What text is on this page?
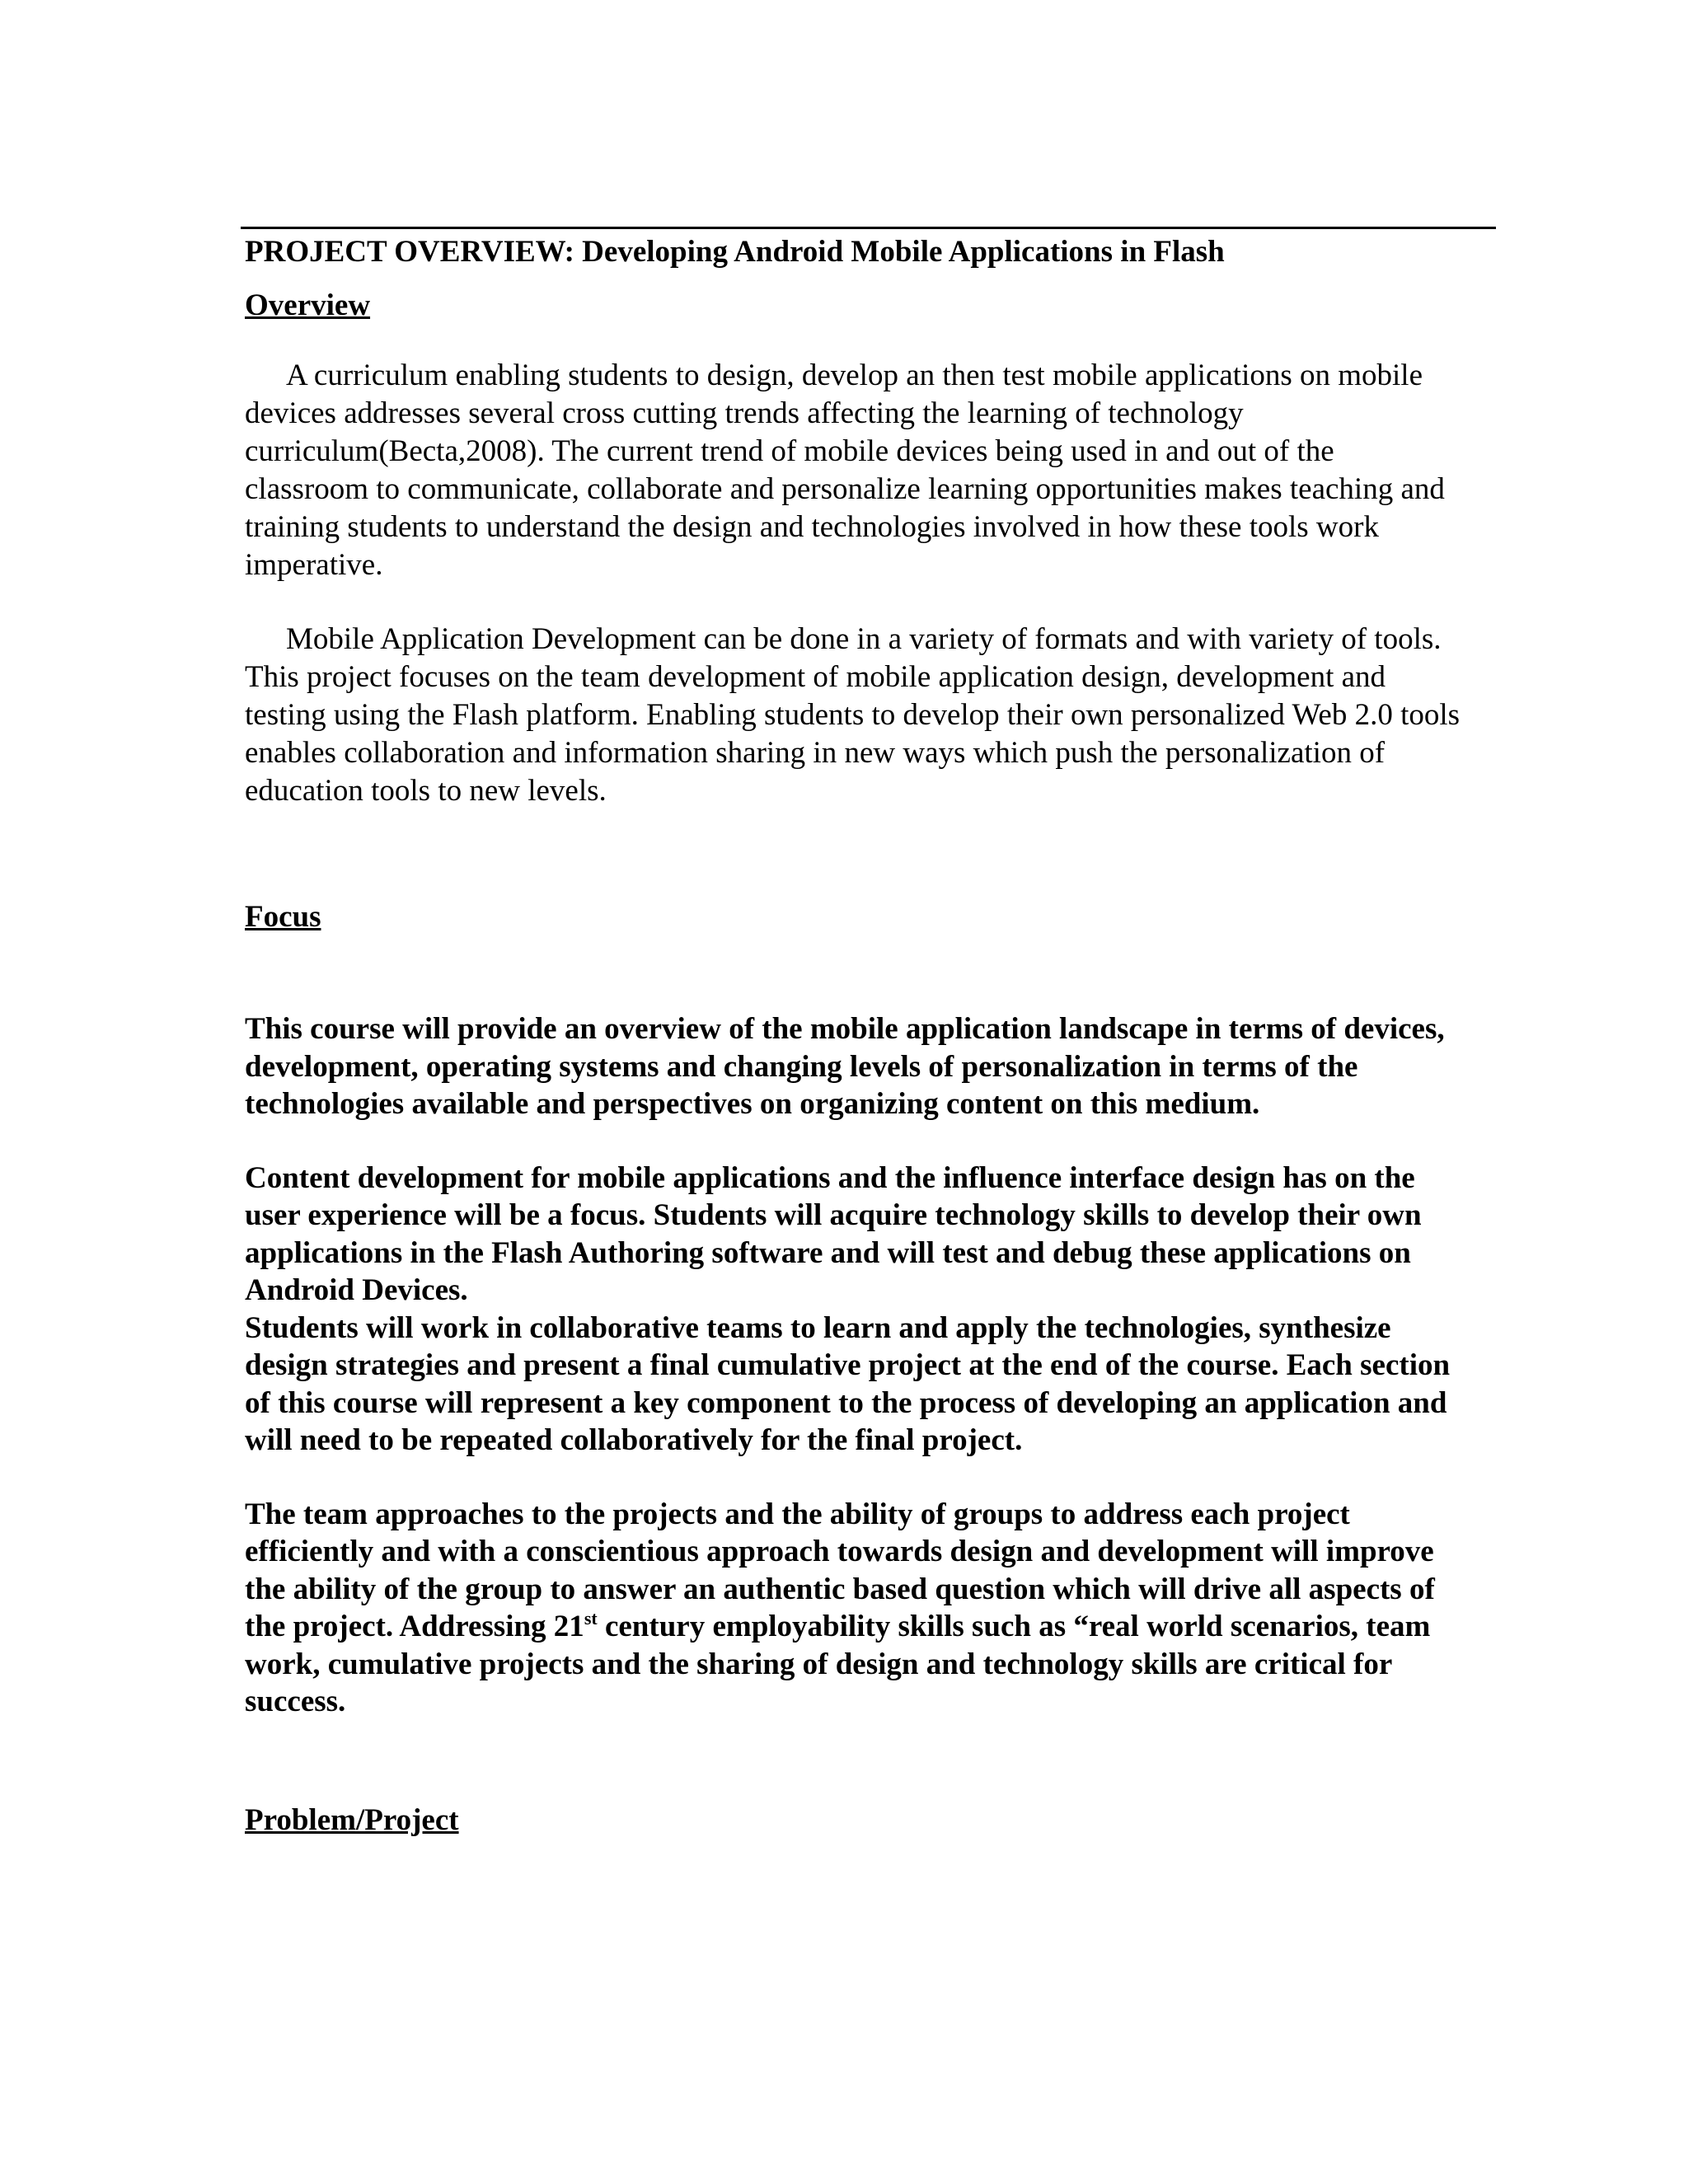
PROJECT OVERVIEW: Developing Android Mobile Applications in Flash
Overview

A curriculum enabling students to design, develop an then test mobile applications on mobile devices addresses several cross cutting trends affecting the learning of technology curriculum(Becta,2008). The current trend of mobile devices being used in and out of the classroom to communicate, collaborate and personalize learning opportunities makes teaching and training students to understand the design and technologies involved in how these tools work imperative.

Mobile Application Development can be done in a variety of formats and with variety of tools. This project focuses on the team development of mobile application design, development and testing using the Flash platform. Enabling students to develop their own personalized Web 2.0 tools enables collaboration and information sharing in new ways which push the personalization of education tools to new levels.

Focus

This course will provide an overview of the mobile application landscape in terms of devices, development, operating systems and changing levels of personalization in terms of the technologies available and perspectives on organizing content on this medium.

Content development for mobile applications and the influence interface design has on the user experience will be a focus. Students will acquire technology skills to develop their own applications in the Flash Authoring software and will test and debug these applications on Android Devices.

Students will work in collaborative teams to learn and apply the technologies, synthesize design strategies and present a final cumulative project at the end of the course. Each section of this course will represent a key component to the process of developing an application and will need to be repeated collaboratively for the final project.

The team approaches to the projects and the ability of groups to address each project efficiently and with a conscientious approach towards design and development will improve the ability of the group to answer an authentic based question which will drive all aspects of the project. Addressing 21st century employability skills such as “real world scenarios, team work, cumulative projects and the sharing of design and technology skills are critical for success.

Problem/Project
